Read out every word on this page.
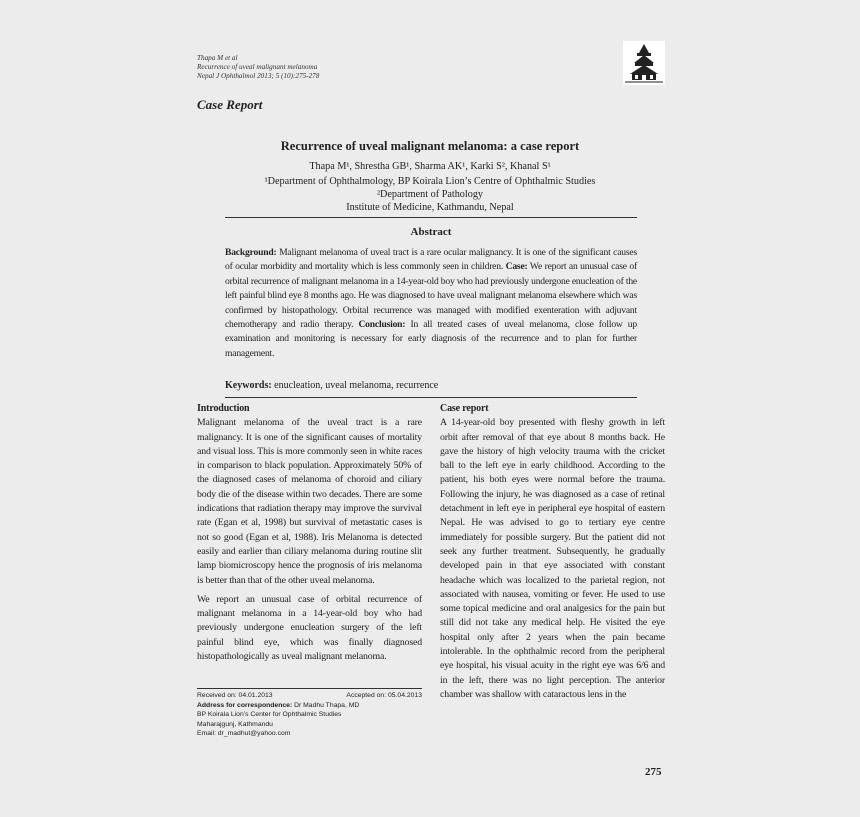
Thapa M et al
Recurrence of uveal malignant melanoma
Nepal J Ophthalmol 2013; 5 (10):275-278
Case Report
Recurrence of uveal malignant melanoma: a case report
Thapa M¹, Shrestha GB¹, Sharma AK¹, Karki S², Khanal S¹
¹Department of Ophthalmology, BP Koirala Lion’s Centre of Ophthalmic Studies
²Department of Pathology
Institute of Medicine, Kathmandu, Nepal
Abstract
Background: Malignant melanoma of uveal tract is a rare ocular malignancy. It is one of the significant causes of ocular morbidity and mortality which is less commonly seen in children. Case: We report an unusual case of orbital recurrence of malignant melanoma in a 14-year-old boy who had previously undergone enucleation of the left painful blind eye 8 months ago. He was diagnosed to have uveal malignant melanoma elsewhere which was confirmed by histopathology. Orbital recurrence was managed with modified exenteration with adjuvant chemotherapy and radio therapy. Conclusion: In all treated cases of uveal melanoma, close follow up examination and monitoring is necessary for early diagnosis of the recurrence and to plan for further management.
Keywords: enucleation, uveal melanoma, recurrence
Introduction

Malignant melanoma of the uveal tract is a rare malignancy. It is one of the significant causes of mortality and visual loss. This is more commonly seen in white races in comparison to black population. Approximately 50% of the diagnosed cases of melanoma of choroid and ciliary body die of the disease within two decades. There are some indications that radiation therapy may improve the survival rate (Egan et al, 1998) but survival of metastatic cases is not so good (Egan et al, 1988). Iris Melanoma is detected easily and earlier than ciliary melanoma during routine slit lamp biomicroscopy hence the prognosis of iris melanoma is better than that of the other uveal melanoma.

We report an unusual case of orbital recurrence of malignant melanoma in a 14-year-old boy who had previously undergone enucleation surgery of the left painful blind eye, which was finally diagnosed histopathologically as uveal malignant melanoma.

Case report

A 14-year-old boy presented with fleshy growth in left orbit after removal of that eye about 8 months back. He gave the history of high velocity trauma with the cricket ball to the left eye in early childhood. According to the patient, his both eyes were normal before the trauma. Following the injury, he was diagnosed as a case of retinal detachment in left eye in peripheral eye hospital of eastern Nepal. He was advised to go to tertiary eye centre immediately for possible surgery. But the patient did not seek any further treatment. Subsequently, he gradually developed pain in that eye associated with constant headache which was localized to the parietal region, not associated with nausea, vomiting or fever. He used to use some topical medicine and oral analgesics for the pain but still did not take any medical help. He visited the eye hospital only after 2 years when the pain became intolerable. In the ophthalmic record from the peripheral eye hospital, his visual acuity in the right eye was 6/6 and in the left, there was no light perception. The anterior chamber was shallow with cataractous lens in the

Received on: 04.01.2013	Accepted on: 05.04.2013
Address for correspondence: Dr Madhu Thapa, MD
BP Koirala Lion’s Center for Ophthalmic Studies
Maharajgunj, Kathmandu
Email: dr_madhut@yahoo.com
275
